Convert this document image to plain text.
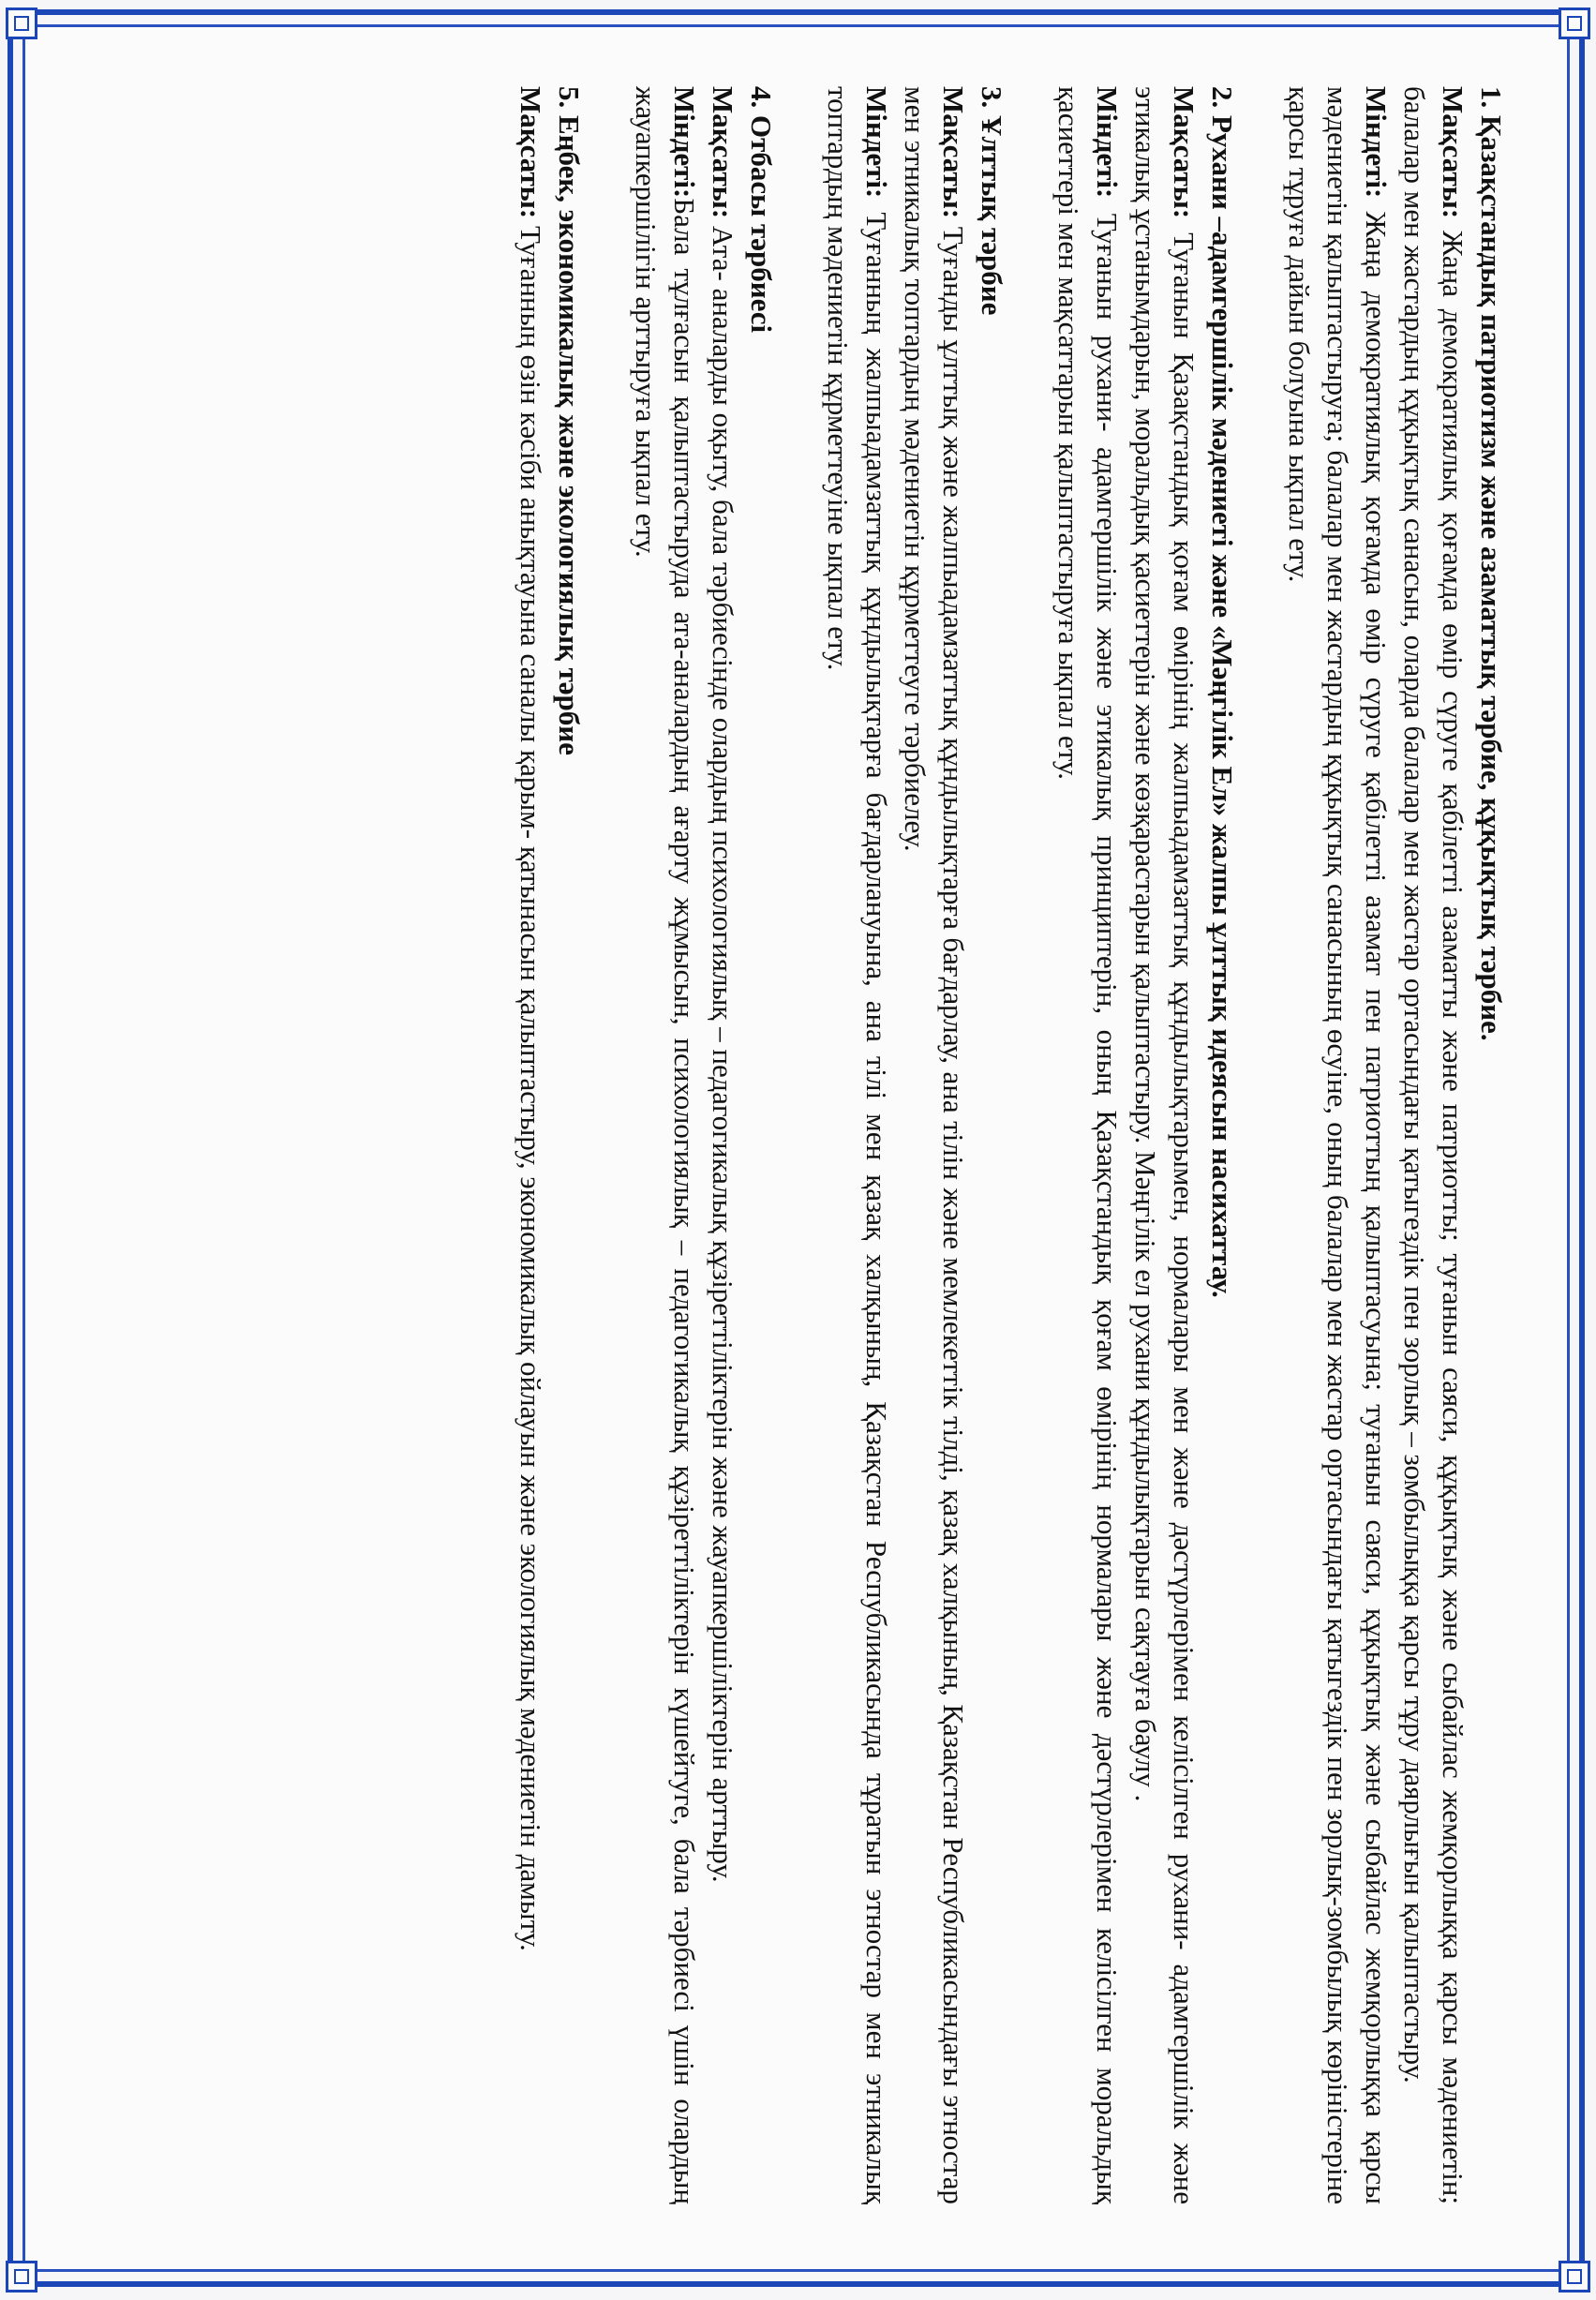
1. Қазақстандық патриотизм және азаматтық тәрбие, құқықтық тәрбие.

Мақсаты: Жаңа демократиялық қоғамда өмір сүруге қабілетті азаматты және патриотты; туғанын саяси, құқықтық және сыбайлас жемқорлыққа қарсы мәдениетін; балалар мен жастардың құқықтық санасын, оларда балалар мен жастар ортасындағы қатыгездік пен зорлық – зомбылыққа қарсы тұру даярлығын қалыптастыру.

Міндеті: Жаңа демократиялық қоғамда өмір сүруге қабілетті азамат пен патриоттың қалыптасуына; туғанын саяси, құқықтық және сыбайлас жемқорлыққа қарсы мәдениетін қалыптастыруға; балалар мен жастардың құқықтық санасының өсуіне, оның балалар мен жастар ортасындағы қатыгездік пен зорлық-зомбылық көріністеріне қарсы тұруға дайын болуына ықпал ету.

2. Рухани –адамгершілік мәдениеті және «Мәңгілік Ел» жалпы ұлттық идеясын насихаттау.

Мақсаты: Туғанын Қазақстандық қоғам өмірінің жалпыадамзаттық құндылықтарымен, нормалары мен және дәстүрлерімен келісілген рухани- адамгершілік және этикалық ұстанымдарын, моральдық қасиеттерін және көзқарастарын қалыптастыру. Мәңгілік ел рухани құндылықтарын сақтауға баулу .

Міндеті: Туғанын рухани- адамгершілік және этикалық принциптерін, оның Қазақстандық қоғам өмірінің нормалары және дәстүрлерімен келісілген моральдық қасиеттері мен мақсаттарын қалыптастыруға ықпал ету.

3. Ұлттық тәрбие

Мақсаты: Туғанды ұлттық және жалпыадамзаттық құндылықтарға бағдарлау, ана тілін және мемлекеттік тілді, қазақ халқының, Қазақстан Республикасындағы этностар мен этникалық топтардың мәдениетін құрметтеуге тәрбиелеу.

Міндеті: Туғанның жалпыадамзаттық құндылықтарға бағдарлануына, ана тілі мен қазақ халқының, Қазақстан Республикасында тұратын этностар мен этникалық топтардың мәдениетін құрметтеуіне ықпал ету.

4. Отбасы тәрбиесі

Мақсаты: Ата- аналарды оқыту, бала тәрбиесінде олардың психологиялық – педагогикалық құзіреттіліктерін және жауапкершіліктерін арттыру.

Міндеті:Бала тұлғасын қалыптастыруда ата-аналардың ағарту жұмысын, психологиялық – педагогикалық құзіреттіліктерін күшейтуге, бала тәрбиесі үшін олардың жауапкершілігін арттыруға ықпал ету.

5. Еңбек, экономикалық және экологиялық тәрбие

Мақсаты: Туғанның өзін кәсіби анықтауына саналы қарым- қатынасын қалыптастыру, экономикалық ойлауын және экологиялық мәдениетін дамыту.
